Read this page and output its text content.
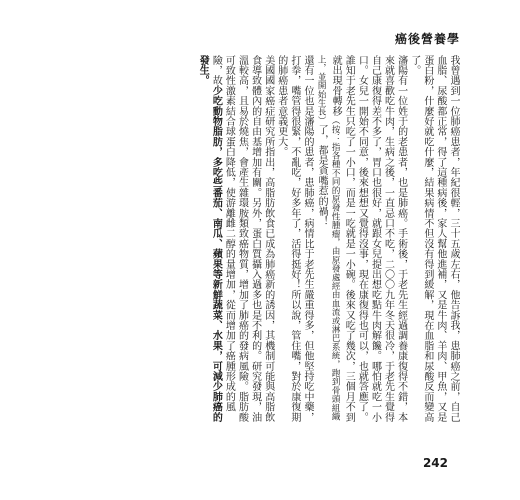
癌後營養學

我曾遇到一位肺癌患者，年紀很輕，三十五歲左右，他告訴我，患肺癌之前，自己血脂、尿酸都正常，得了這種病後，家人幫他進補，又是牛肉、羊肉、甲魚，又是蛋白粉，什麼好就吃什麼，結果病情不但沒有得到緩解，現在血脂和尿酸反而變高了。

瀋陽有一位姓于的老患者，也是肺癌。手術後，于老先生經過調養康復得不錯，本來就喜歡吃牛肉，生病之後，一直忌口不吃，二〇〇九年冬天很冷，于老先生覺得自己康復得差不多了，胃口也很好，就跟女兒提出想吃點牛肉解饞。哪怕就吃一小口。女兒一開始不同意，後來想想又覺得沒事，現在康復得也可以，也就答應了。

誰知于老先生只吃了一小口，而是一吃就是一小碗。後來又吃了幾次，三個月不到就出現骨轉移（按：指各種不同的原發性腫瘤，由原發處經由血流或淋巴系統，跑到骨頭組織上，並開始生長）了，都是貪嘴惹的禍！

還有一位也是瀋陽的患者，患肺癌，病情比于老先生嚴重得多，但他堅持吃中藥，打拳，嘴管得很緊，不亂吃，好多年了，活得挺好！所以說，管住嘴，對於康復期的肺癌患者意義更大。

美國國家癌症研究所指出，高脂肪飲食已成為肺癌新的誘因，其機制可能與高脂飲食導致體內的自由基增加有關。另外，蛋白質攝入過多也是不利的。研究發現，油溫較高，且易於燒焦，會產生雜環胺類致癌物質，增加了肺癌的發病風險。脂肪酸可致性激素結合球蛋白降低，使游離雌二醇的量增加，從而增加了癌腫形成的風險，故少吃動物脂肪，多吃些番茄、南瓜、蘋果等新鮮蔬菜、水果，可減少肺癌的發生。

242
